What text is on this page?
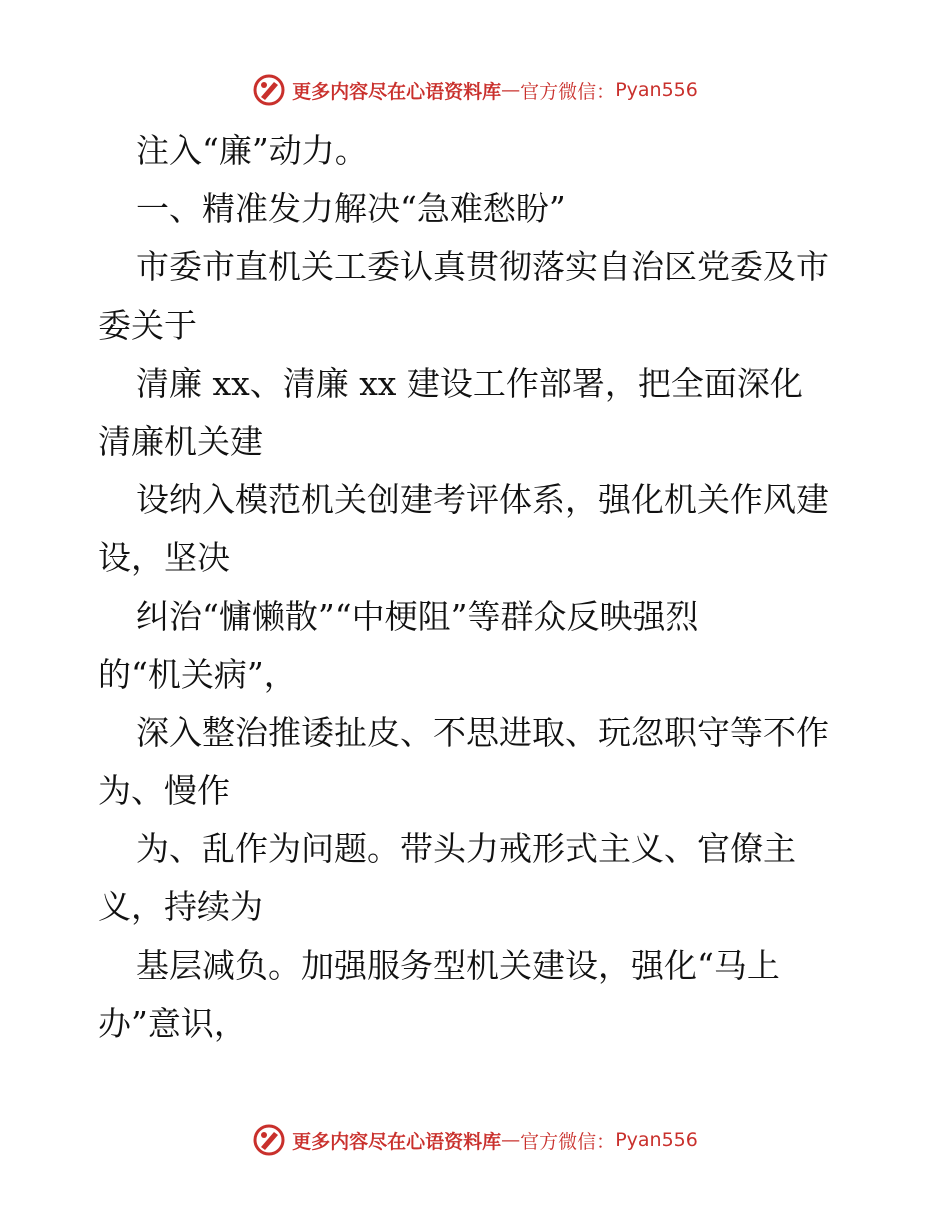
更多内容尽在心语资料库 — 官方微信： Pyan556
注入“廉”动力。
一、精准发力解决“急难愁盼”
市委市直机关工委认真贯彻落实自治区党委及市
委关于
清廉 xx、清廉 xx 建设工作部署，把全面深化
清廉机关建
设纳入模范机关创建考评体系，强化机关作风建
设，坚决
纠治“慵懒散”“中梗阻”等群众反映强烈
的“机关病”，
深入整治推诿扯皮、不思进取、玩忽职守等不作
为、慢作
为、乱作为问题。带头力戒形式主义、官僚主
义，持续为
基层减负。加强服务型机关建设，强化“马上
办”意识，
更多内容尽在心语资料库 — 官方微信： Pyan556
